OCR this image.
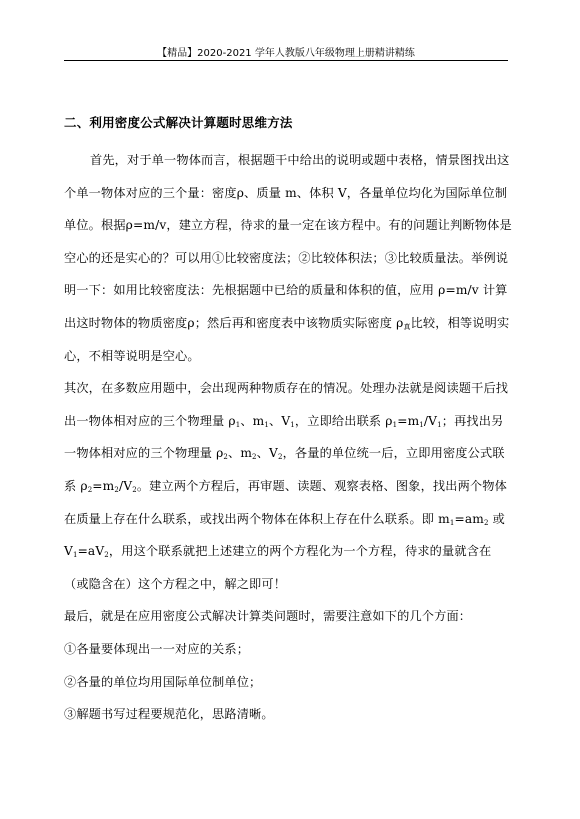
【精品】2020-2021 学年人教版八年级物理上册精讲精练
二、利用密度公式解决计算题时思维方法

首先，对于单一物体而言，根据题干中给出的说明或题中表格，情景图找出这个单一物体对应的三个量：密度ρ、质量 m、体积 V，各量单位均化为国际单位制单位。根据ρ=m/v，建立方程，待求的量一定在该方程中。有的问题让判断物体是空心的还是实心的？可以用①比较密度法；②比较体积法；③比较质量法。举例说明一下：如用比较密度法：先根据题中已给的质量和体积的值，应用 ρ=m/v 计算出这时物体的物质密度ρ；然后再和密度表中该物质实际密度 $\rho_真$比较，相等说明实心，不相等说明是空心。

其次，在多数应用题中，会出现两种物质存在的情况。处理办法就是阅读题干后找出一物体相对应的三个物理量 $\rho_1$、$m_1$、$V_1$，立即给出联系 $\rho_1=m_1/V_1$；再找出另一物体相对应的三个物理量 $\rho_2$、$m_2$、$V_2$，各量的单位统一后，立即用密度公式联系 $\rho_2=m_2/V_2$。建立两个方程后，再审题、读题、观察表格、图象，找出两个物体在质量上存在什么联系，或找出两个物体在体积上存在什么联系。即 $m_1=am_2$ 或 $V_1=aV_2$，用这个联系就把上述建立的两个方程化为一个方程，待求的量就含在（或隐含在）这个方程之中，解之即可！

最后，就是在应用密度公式解决计算类问题时，需要注意如下的几个方面：

①各量要体现出一一对应的关系；

②各量的单位均用国际单位制单位；

③解题书写过程要规范化，思路清晰。
